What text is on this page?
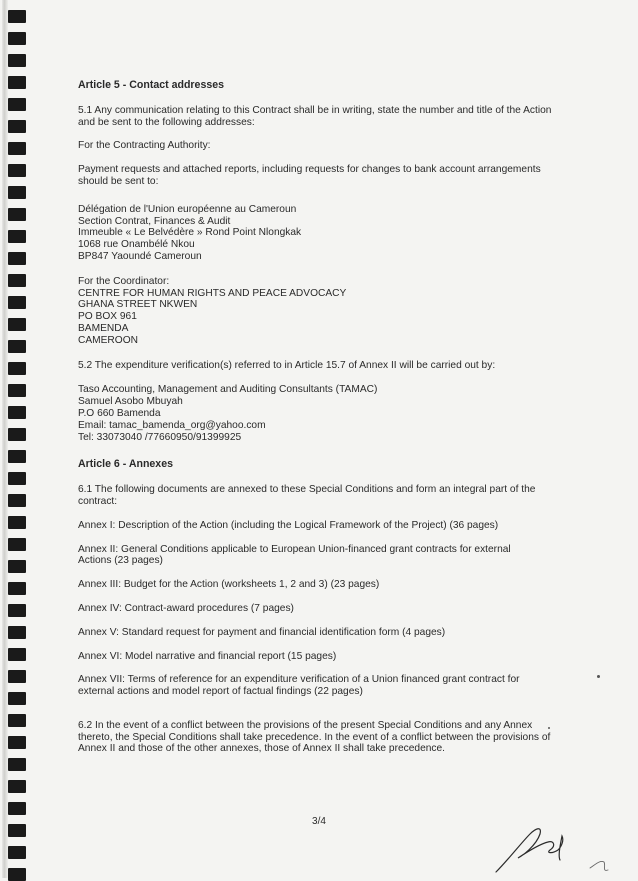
Article 5 - Contact addresses

5.1 Any communication relating to this Contract shall be in writing, state the number and title of the Action and be sent to the following addresses:

For the Contracting Authority:

Payment requests and attached reports, including requests for changes to bank account arrangements should be sent to:

Délégation de l'Union européenne au Cameroun
Section Contrat, Finances & Audit
Immeuble « Le Belvédère » Rond Point Nlongkak
1068 rue Onambélé Nkou
BP847 Yaoundé Cameroun

For the Coordinator:

CENTRE FOR HUMAN RIGHTS AND PEACE ADVOCACY
GHANA STREET NKWEN
PO BOX 961
BAMENDA
CAMEROON

5.2 The expenditure verification(s) referred to in Article 15.7 of Annex II will be carried out by:

Taso Accounting, Management and Auditing Consultants (TAMAC)
Samuel Asobo Mbuyah
P.O 660 Bamenda
Email: tamac_bamenda_org@yahoo.com
Tel: 33073040 /77660950/91399925
Article 6 - Annexes

6.1 The following documents are annexed to these Special Conditions and form an integral part of the contract:

Annex I: Description of the Action (including the Logical Framework of the Project) (36 pages)

Annex II: General Conditions applicable to European Union-financed grant contracts for external Actions (23 pages)

Annex III: Budget for the Action (worksheets 1, 2 and 3) (23 pages)

Annex IV: Contract-award procedures (7 pages)

Annex V: Standard request for payment and financial identification form (4 pages)

Annex VI: Model narrative and financial report (15 pages)

Annex VII: Terms of reference for an expenditure verification of a Union financed grant contract for external actions and model report of factual findings (22 pages)

6.2 In the event of a conflict between the provisions of the present Special Conditions and any Annex thereto, the Special Conditions shall take precedence. In the event of a conflict between the provisions of Annex II and those of the other annexes, those of Annex II shall take precedence.

3/4
